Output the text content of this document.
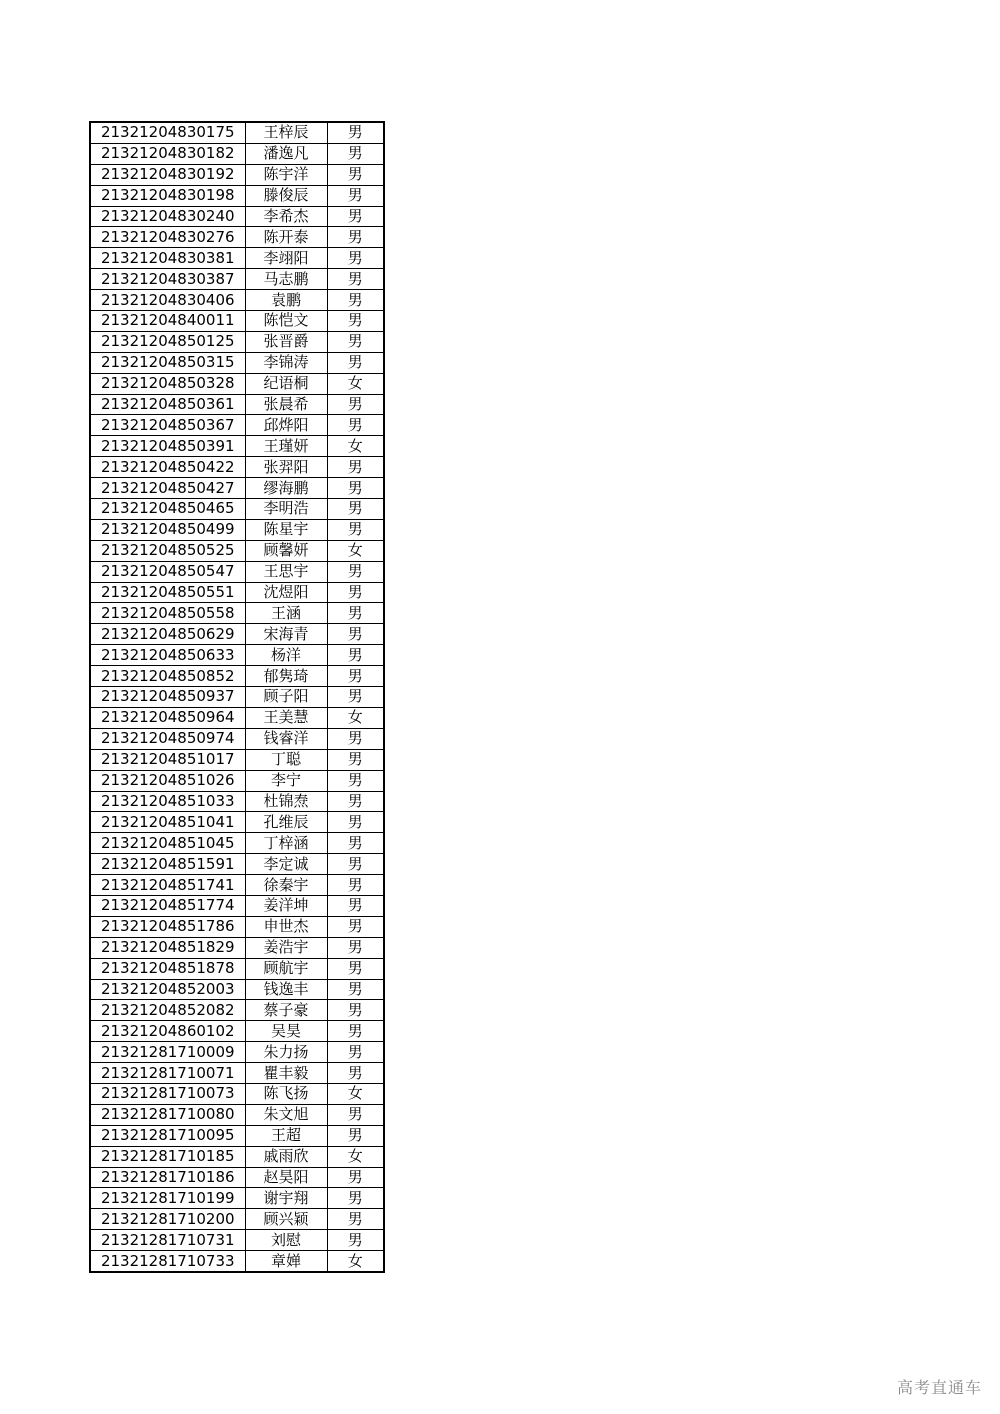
21321204830175	王梓辰	男
21321204830182	潘逸凡	男
21321204830192	陈宇洋	男
21321204830198	滕俊辰	男
21321204830240	李希杰	男
21321204830276	陈开泰	男
21321204830381	李翊阳	男
21321204830387	马志鹏	男
21321204830406	袁鹏	男
21321204840011	陈恺文	男
21321204850125	张晋爵	男
21321204850315	李锦涛	男
21321204850328	纪语桐	女
21321204850361	张晨希	男
21321204850367	邱烨阳	男
21321204850391	王瑾妍	女
21321204850422	张羿阳	男
21321204850427	缪海鹏	男
21321204850465	李明浩	男
21321204850499	陈星宇	男
21321204850525	顾馨妍	女
21321204850547	王思宇	男
21321204850551	沈煜阳	男
21321204850558	王涵	男
21321204850629	宋海青	男
21321204850633	杨洋	男
21321204850852	郁隽琦	男
21321204850937	顾子阳	男
21321204850964	王美慧	女
21321204850974	钱睿洋	男
21321204851017	丁聪	男
21321204851026	李宁	男
21321204851033	杜锦焘	男
21321204851041	孔维辰	男
21321204851045	丁梓涵	男
21321204851591	李定诚	男
21321204851741	徐秦宇	男
21321204851774	姜洋坤	男
21321204851786	申世杰	男
21321204851829	姜浩宇	男
21321204851878	顾航宇	男
21321204852003	钱逸丰	男
21321204852082	蔡子豪	男
21321204860102	吴昊	男
21321281710009	朱力扬	男
21321281710071	瞿丰毅	男
21321281710073	陈飞扬	女
21321281710080	朱文旭	男
21321281710095	王超	男
21321281710185	戚雨欣	女
21321281710186	赵昊阳	男
21321281710199	谢宇翔	男
21321281710200	顾兴颖	男
21321281710731	刘慰	男
21321281710733	章婵	女
高考直通车
